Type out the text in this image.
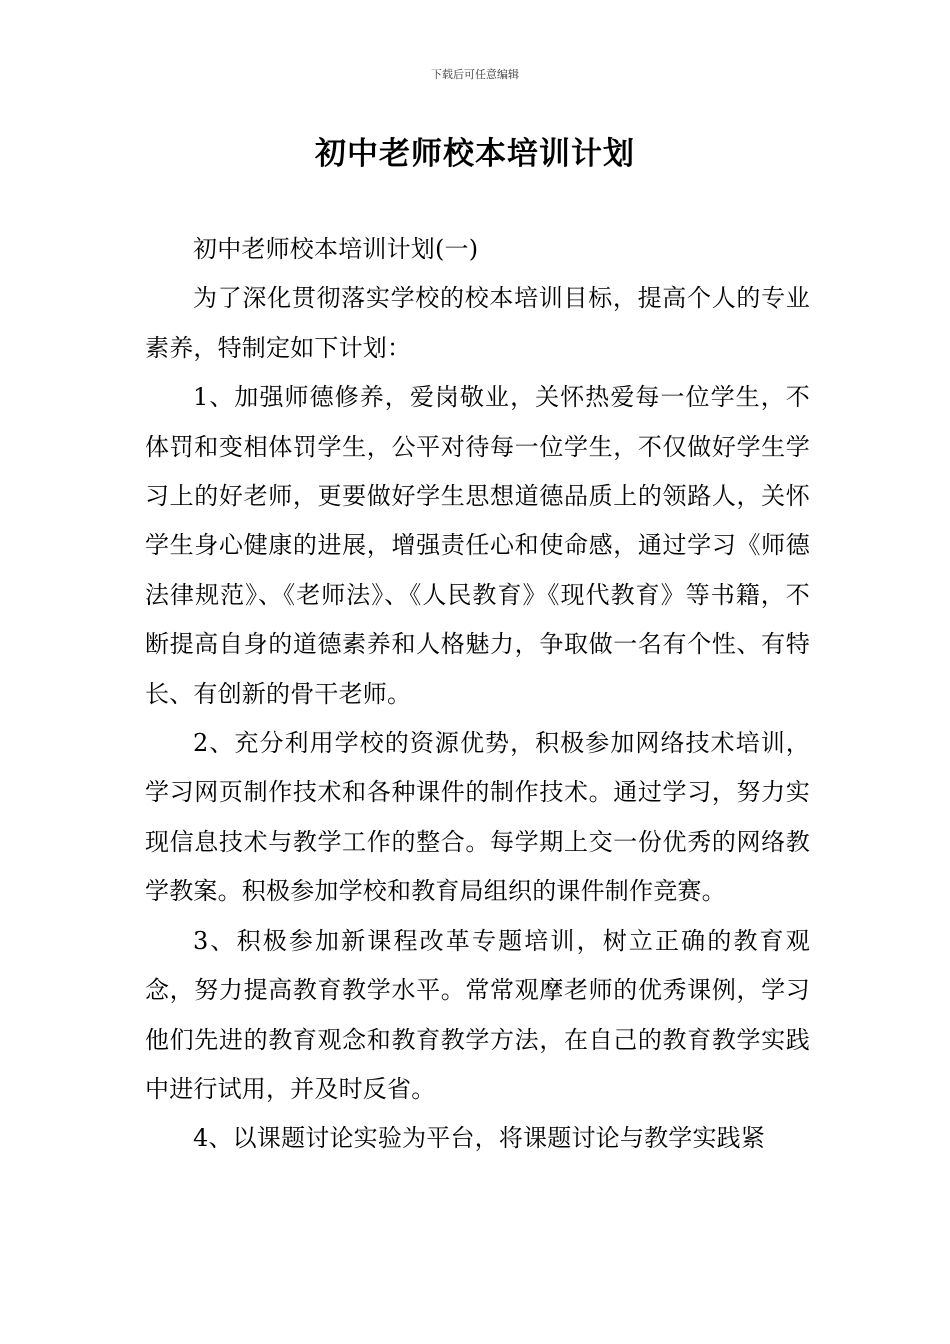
下载后可任意编辑
初中老师校本培训计划

初中老师校本培训计划(一)

为了深化贯彻落实学校的校本培训目标，提高个人的专业素养，特制定如下计划：

1、加强师德修养，爱岗敬业，关怀热爱每一位学生，不体罚和变相体罚学生，公平对待每一位学生，不仅做好学生学习上的好老师，更要做好学生思想道德品质上的领路人，关怀学生身心健康的进展，增强责任心和使命感，通过学习《师德法律规范》、《老师法》、《人民教育》《现代教育》等书籍，不断提高自身的道德素养和人格魅力，争取做一名有个性、有特长、有创新的骨干老师。

2、充分利用学校的资源优势，积极参加网络技术培训，学习网页制作技术和各种课件的制作技术。通过学习，努力实现信息技术与教学工作的整合。每学期上交一份优秀的网络教学教案。积极参加学校和教育局组织的课件制作竞赛。

3、积极参加新课程改革专题培训，树立正确的教育观念，努力提高教育教学水平。常常观摩老师的优秀课例，学习他们先进的教育观念和教育教学方法，在自己的教育教学实践中进行试用，并及时反省。

4、以课题讨论实验为平台，将课题讨论与教学实践紧
